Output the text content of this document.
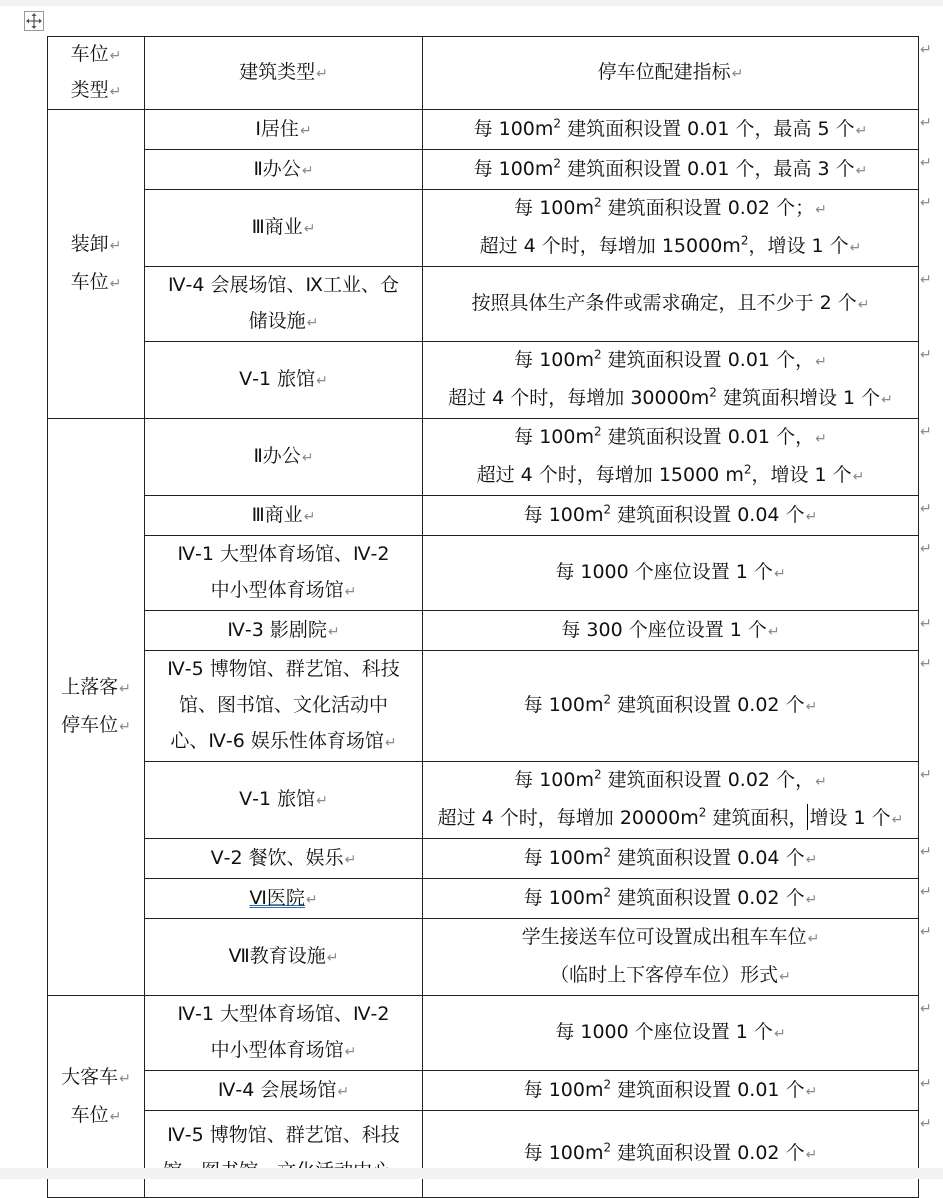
车位↵
类型↵	建筑类型↵	停车位配建指标↵

装卸↵
车位↵	Ⅰ居住↵	每 $100m^2$ 建筑面积设置 0.01 个，最高 5 个↵

	Ⅱ办公↵	每 $100m^2$ 建筑面积设置 0.01 个，最高 3 个↵

	Ⅲ商业↵	每 $100m^2$ 建筑面积设置 0.02 个；↵
超过 4 个时，每增加 $15000m^2$，增设 1 个↵

	Ⅳ-4 会展场馆、Ⅸ工业、仓
储设施↵	按照具体生产条件或需求确定，且不少于 2 个↵

	Ⅴ-1 旅馆↵	每 $100m^2$ 建筑面积设置 0.01 个，↵
超过 4 个时，每增加 $30000m^2$ 建筑面积增设 1 个↵

上落客↵
停车位↵	Ⅱ办公↵	每 $100m^2$ 建筑面积设置 0.01 个，↵
超过 4 个时，每增加 15000 $m^2$，增设 1 个↵

	Ⅲ商业↵	每 $100m^2$ 建筑面积设置 0.04 个↵

	Ⅳ-1 大型体育场馆、Ⅳ-2
中小型体育场馆↵	每 1000 个座位设置 1 个↵

	Ⅳ-3 影剧院↵	每 300 个座位设置 1 个↵

	Ⅳ-5 博物馆、群艺馆、科技
馆、图书馆、文化活动中
心、Ⅳ-6 娱乐性体育场馆↵	每 $100m^2$ 建筑面积设置 0.02 个↵

	Ⅴ-1 旅馆↵	每 $100m^2$ 建筑面积设置 0.02 个，↵
超过 4 个时，每增加 $20000m^2$ 建筑面积， 增设 1 个↵

	Ⅴ-2 餐饮、娱乐↵	每 $100m^2$ 建筑面积设置 0.04 个↵

	Ⅵ医院↵	每 $100m^2$ 建筑面积设置 0.02 个↵

	Ⅶ教育设施↵	学生接送车位可设置成出租车车位↵
（临时上下客停车位）形式↵

大客车↵
车位↵	Ⅳ-1 大型体育场馆、Ⅳ-2
中小型体育场馆↵	每 1000 个座位设置 1 个↵

	Ⅳ-4 会展场馆↵	每 $100m^2$ 建筑面积设置 0.01 个↵

	Ⅳ-5 博物馆、群艺馆、科技	每 $100m^2$ 建筑面积设置 0.02 个↵
↵
↵
↵
↵
↵
↵
↵
↵
↵
↵
↵
↵
↵
↵
↵
↵
↵
↵
